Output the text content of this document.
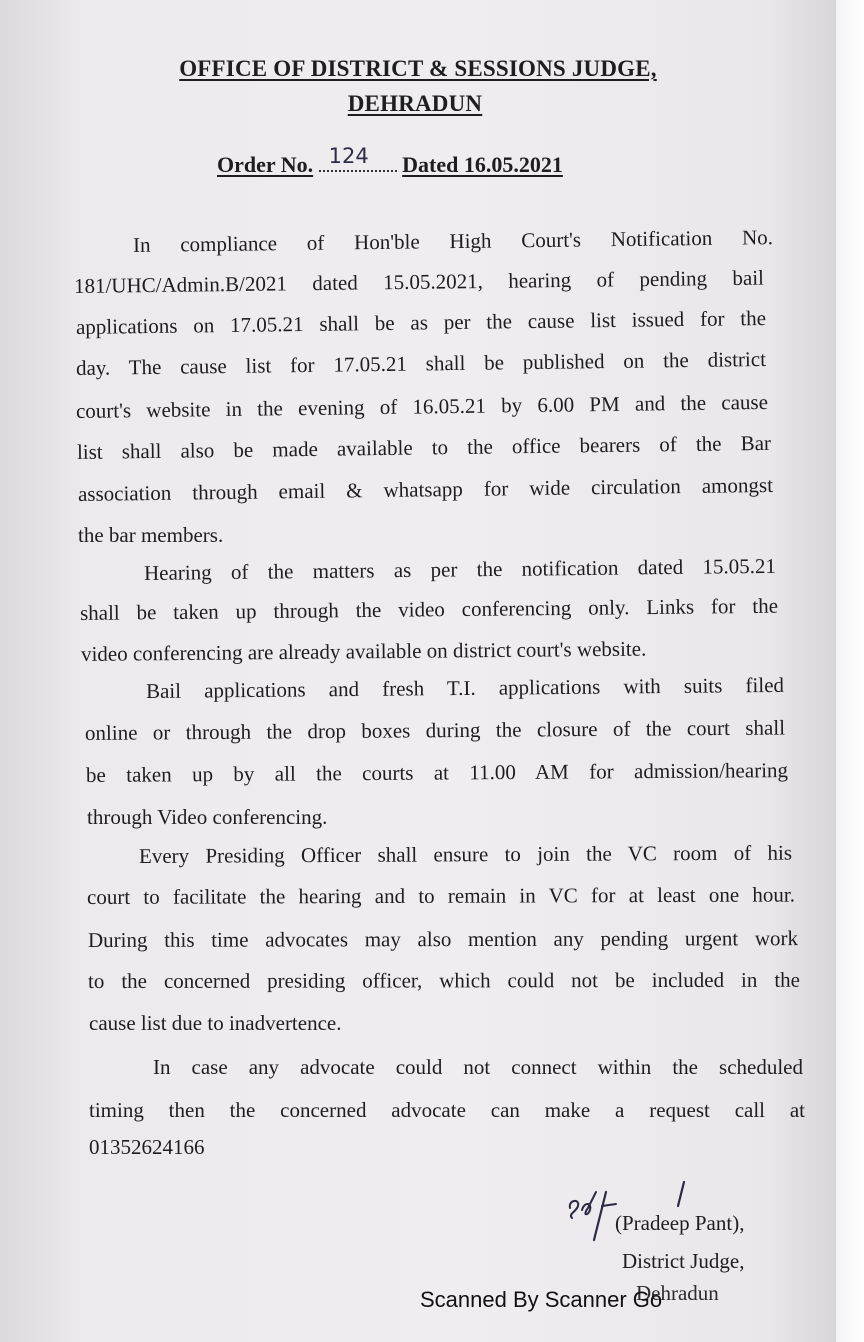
OFFICE OF DISTRICT & SESSIONS JUDGE,
DEHRADUN
Order No. 124 Dated 16.05.2021
In compliance of Hon'ble High Court's Notification No.
181/UHC/Admin.B/2021 dated 15.05.2021, hearing of pending bail
applications on 17.05.21 shall be as per the cause list issued for the
day. The cause list for 17.05.21 shall be published on the district
court's website in the evening of 16.05.21 by 6.00 PM and the cause
list shall also be made available to the office bearers of the Bar
association through email & whatsapp for wide circulation amongst
the bar members.
Hearing of the matters as per the notification dated 15.05.21
shall be taken up through the video conferencing only. Links for the
video conferencing are already available on district court's website.
Bail applications and fresh T.I. applications with suits filed
online or through the drop boxes during the closure of the court shall
be taken up by all the courts at 11.00 AM for admission/hearing
through Video conferencing.
Every Presiding Officer shall ensure to join the VC room of his
court to facilitate the hearing and to remain in VC for at least one hour.
During this time advocates may also mention any pending urgent work
to the concerned presiding officer, which could not be included in the
cause list due to inadvertence.
In case any advocate could not connect within the scheduled
timing then the concerned advocate can make a request call at
01352624166
sd/-
(Pradeep Pant),
District Judge,
Dehradun
Scanned By Scanner Go
